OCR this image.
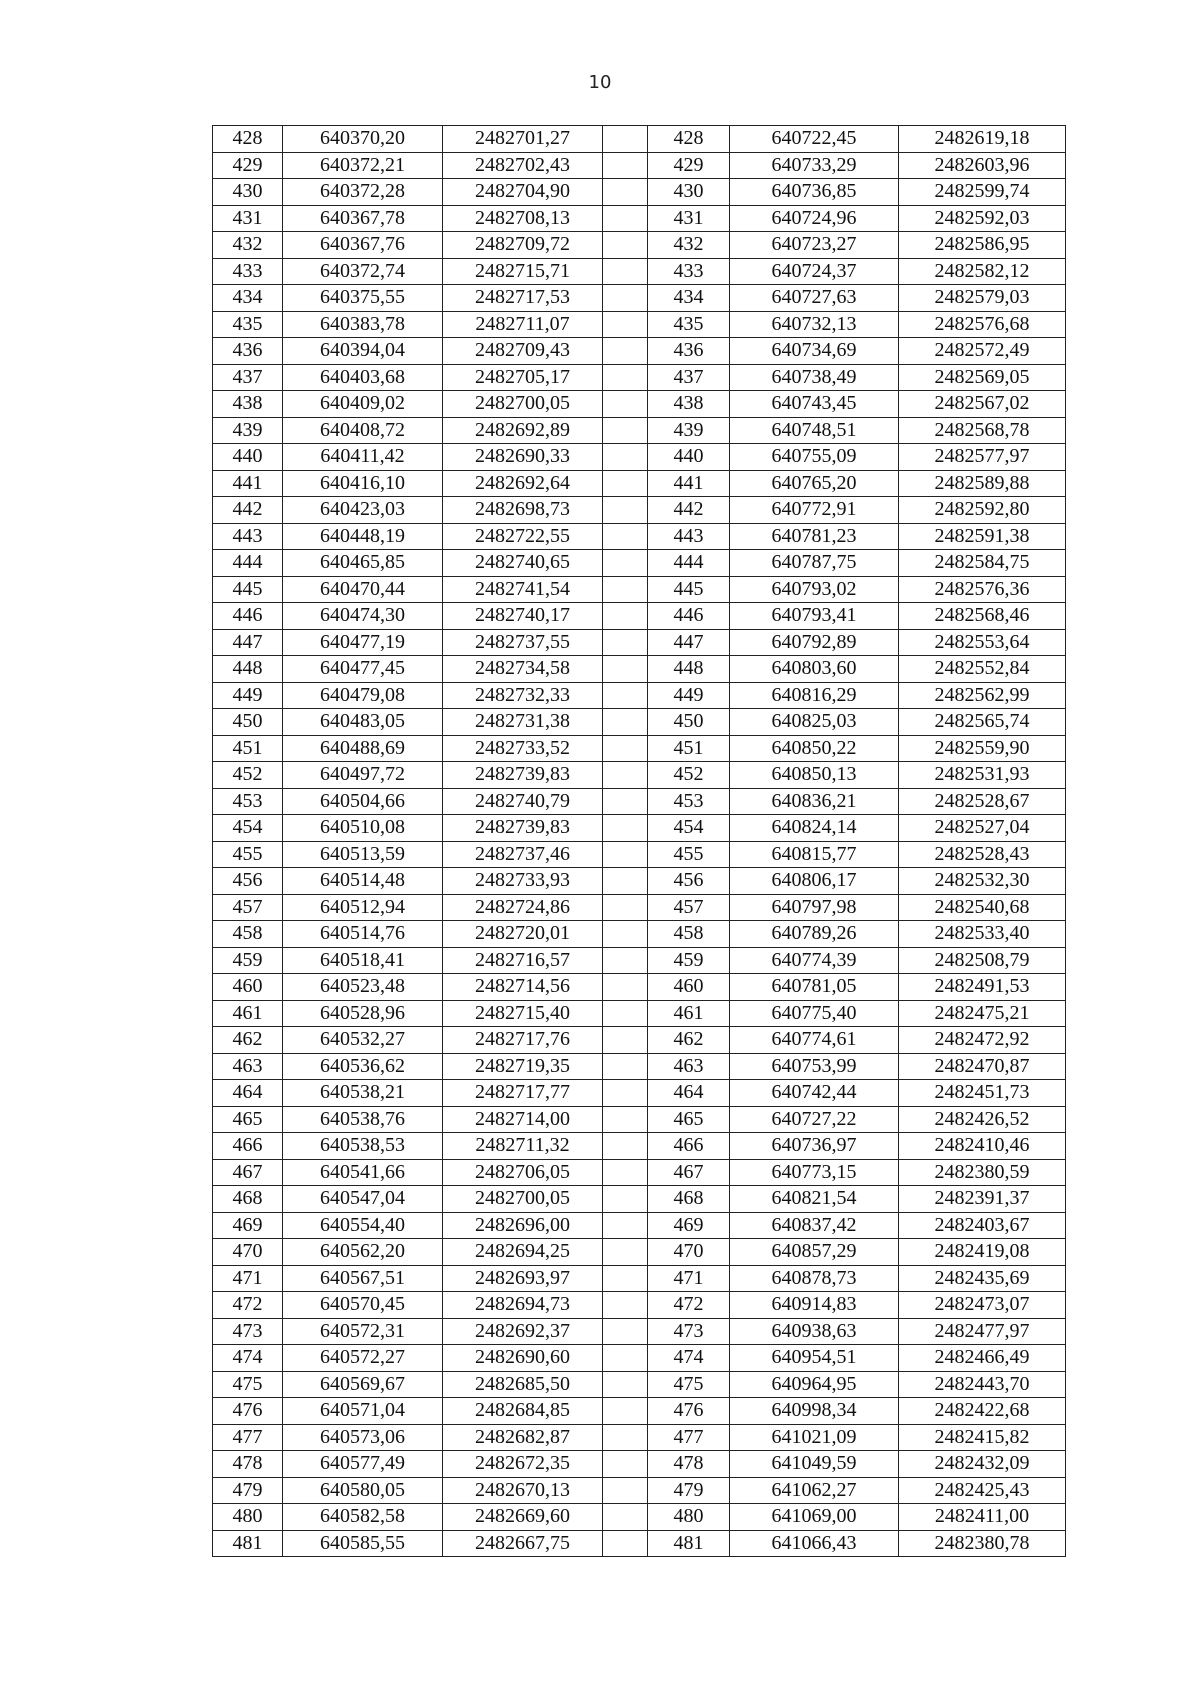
10
428	640370,20	2482701,27		428	640722,45	2482619,18
429	640372,21	2482702,43		429	640733,29	2482603,96
430	640372,28	2482704,90		430	640736,85	2482599,74
431	640367,78	2482708,13		431	640724,96	2482592,03
432	640367,76	2482709,72		432	640723,27	2482586,95
433	640372,74	2482715,71		433	640724,37	2482582,12
434	640375,55	2482717,53		434	640727,63	2482579,03
435	640383,78	2482711,07		435	640732,13	2482576,68
436	640394,04	2482709,43		436	640734,69	2482572,49
437	640403,68	2482705,17		437	640738,49	2482569,05
438	640409,02	2482700,05		438	640743,45	2482567,02
439	640408,72	2482692,89		439	640748,51	2482568,78
440	640411,42	2482690,33		440	640755,09	2482577,97
441	640416,10	2482692,64		441	640765,20	2482589,88
442	640423,03	2482698,73		442	640772,91	2482592,80
443	640448,19	2482722,55		443	640781,23	2482591,38
444	640465,85	2482740,65		444	640787,75	2482584,75
445	640470,44	2482741,54		445	640793,02	2482576,36
446	640474,30	2482740,17		446	640793,41	2482568,46
447	640477,19	2482737,55		447	640792,89	2482553,64
448	640477,45	2482734,58		448	640803,60	2482552,84
449	640479,08	2482732,33		449	640816,29	2482562,99
450	640483,05	2482731,38		450	640825,03	2482565,74
451	640488,69	2482733,52		451	640850,22	2482559,90
452	640497,72	2482739,83		452	640850,13	2482531,93
453	640504,66	2482740,79		453	640836,21	2482528,67
454	640510,08	2482739,83		454	640824,14	2482527,04
455	640513,59	2482737,46		455	640815,77	2482528,43
456	640514,48	2482733,93		456	640806,17	2482532,30
457	640512,94	2482724,86		457	640797,98	2482540,68
458	640514,76	2482720,01		458	640789,26	2482533,40
459	640518,41	2482716,57		459	640774,39	2482508,79
460	640523,48	2482714,56		460	640781,05	2482491,53
461	640528,96	2482715,40		461	640775,40	2482475,21
462	640532,27	2482717,76		462	640774,61	2482472,92
463	640536,62	2482719,35		463	640753,99	2482470,87
464	640538,21	2482717,77		464	640742,44	2482451,73
465	640538,76	2482714,00		465	640727,22	2482426,52
466	640538,53	2482711,32		466	640736,97	2482410,46
467	640541,66	2482706,05		467	640773,15	2482380,59
468	640547,04	2482700,05		468	640821,54	2482391,37
469	640554,40	2482696,00		469	640837,42	2482403,67
470	640562,20	2482694,25		470	640857,29	2482419,08
471	640567,51	2482693,97		471	640878,73	2482435,69
472	640570,45	2482694,73		472	640914,83	2482473,07
473	640572,31	2482692,37		473	640938,63	2482477,97
474	640572,27	2482690,60		474	640954,51	2482466,49
475	640569,67	2482685,50		475	640964,95	2482443,70
476	640571,04	2482684,85		476	640998,34	2482422,68
477	640573,06	2482682,87		477	641021,09	2482415,82
478	640577,49	2482672,35		478	641049,59	2482432,09
479	640580,05	2482670,13		479	641062,27	2482425,43
480	640582,58	2482669,60		480	641069,00	2482411,00
481	640585,55	2482667,75		481	641066,43	2482380,78
